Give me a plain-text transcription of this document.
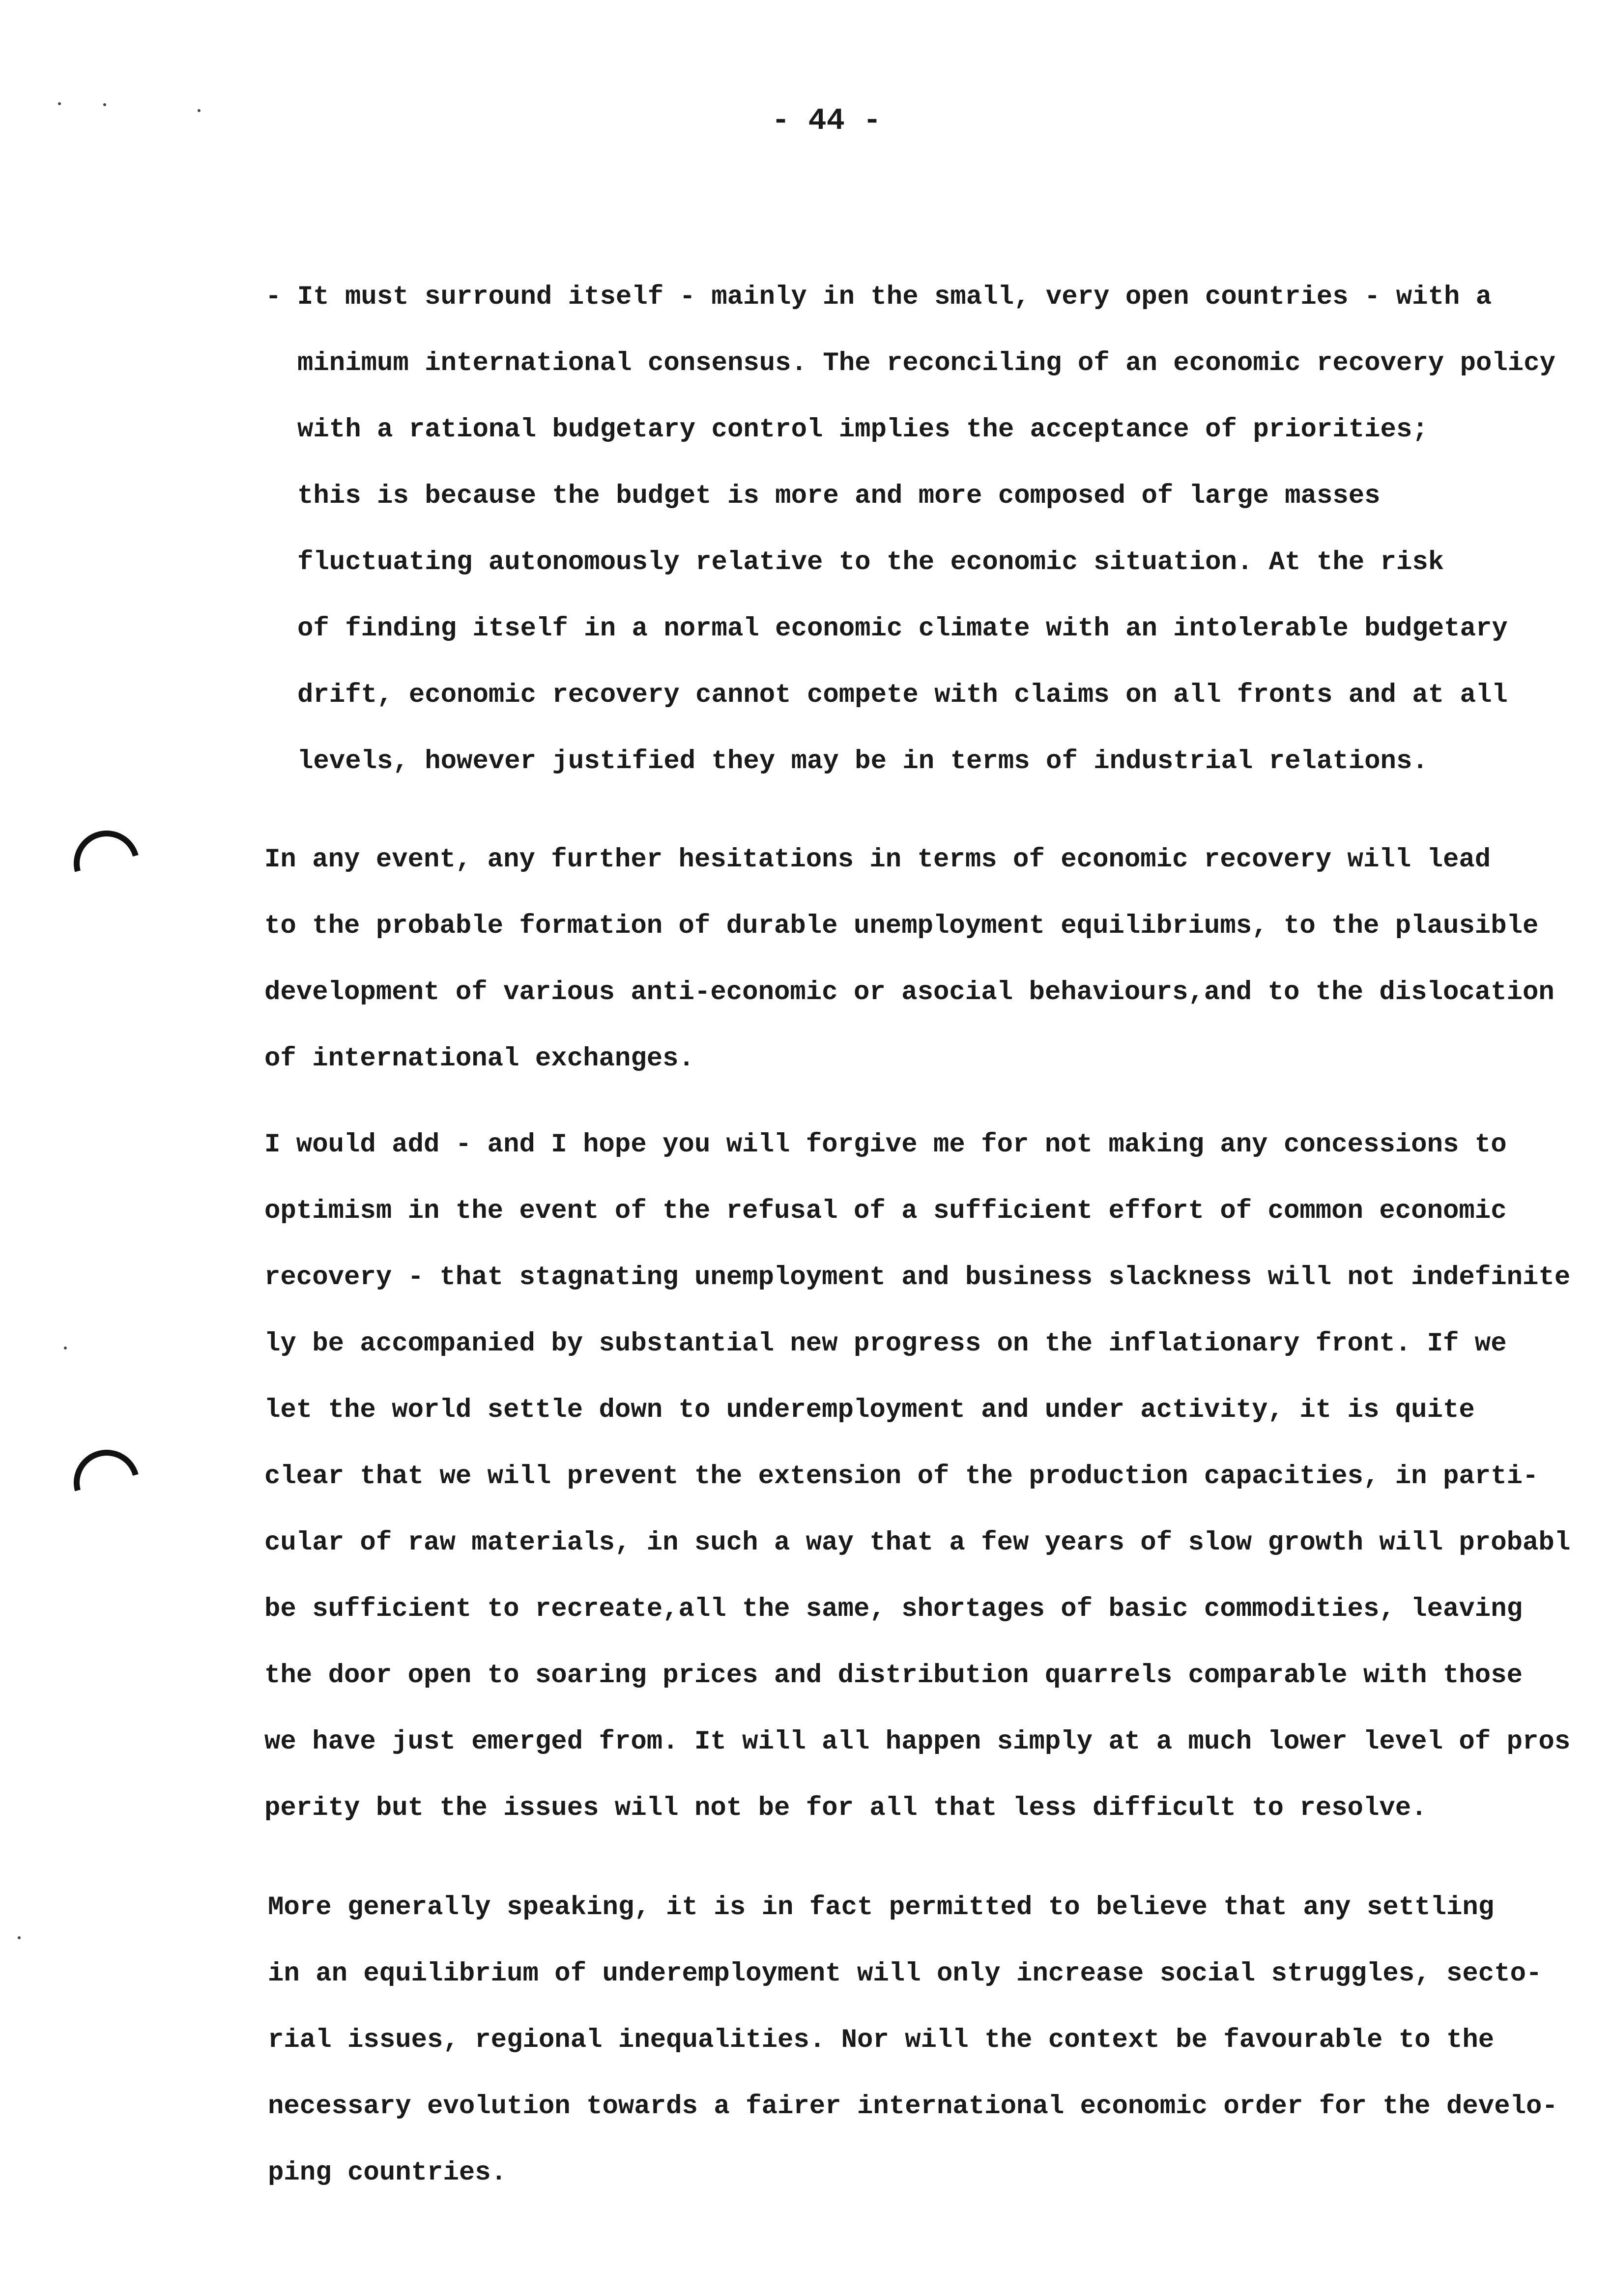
- 44 -
- It must surround itself - mainly in the small, very open countries - with a
minimum international consensus. The reconciling of an economic recovery policy
with a rational budgetary control implies the acceptance of priorities;
this is because the budget is more and more composed of large masses
fluctuating autonomously relative to the economic situation. At the risk
of finding itself in a normal economic climate with an intolerable budgetary
drift, economic recovery cannot compete with claims on all fronts and at all
levels, however justified they may be in terms of industrial relations.
In any event, any further hesitations in terms of economic recovery will lead
to the probable formation of durable unemployment equilibriums, to the plausible
development of various anti-economic or asocial behaviours,and to the dislocation
of international exchanges.
I would add - and I hope you will forgive me for not making any concessions to
optimism in the event of the refusal of a sufficient effort of common economic
recovery - that stagnating unemployment and business slackness will not indefinite
ly be accompanied by substantial new progress on the inflationary front. If we
let the world settle down to underemployment and under activity, it is quite
clear that we will prevent the extension of the production capacities, in parti-
cular of raw materials, in such a way that a few years of slow growth will probabl
be sufficient to recreate,all the same, shortages of basic commodities, leaving
the door open to soaring prices and distribution quarrels comparable with those
we have just emerged from. It will all happen simply at a much lower level of pros
perity but the issues will not be for all that less difficult to resolve.
More generally speaking, it is in fact permitted to believe that any settling
in an equilibrium of underemployment will only increase social struggles, secto-
rial issues, regional inequalities. Nor will the context be favourable to the
necessary evolution towards a fairer international economic order for the develo-
ping countries.
